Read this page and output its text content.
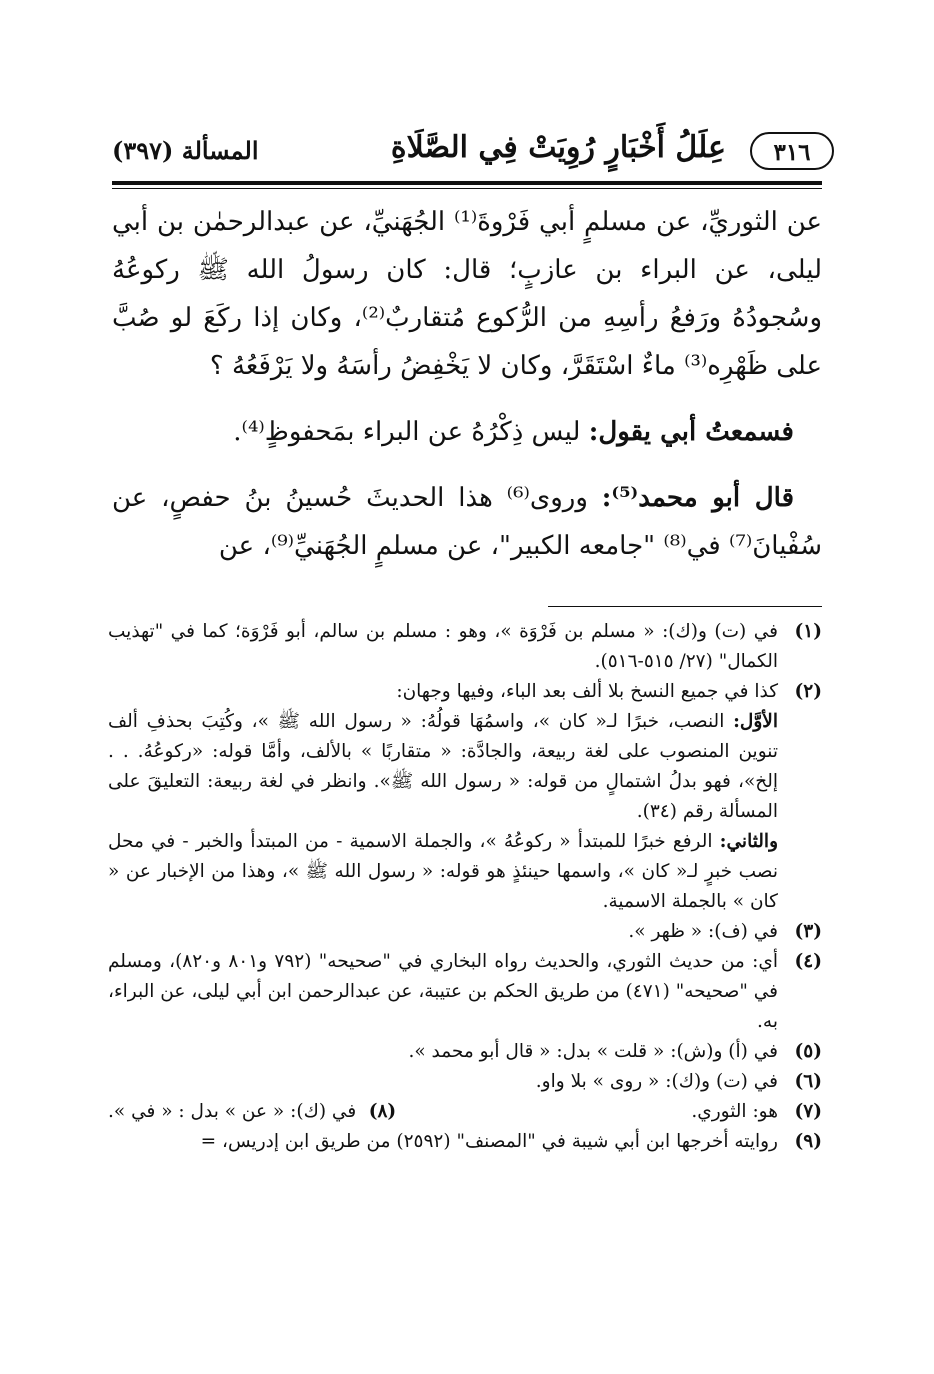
٣١٦
عِلَلُ أَخْبَارٍ رُوِيَتْ فِي الصَّلَاةِ
المسألة (٣٩٧)

عن الثوريِّ، عن مسلمٍ أبي فَرْوةَ⁽¹⁾ الجُهَنيِّ، عن عبدالرحمٰن بن أبي ليلى، عن البراء بن عازبٍ؛ قال: كان رسولُ الله ﷺ ركوعُهُ وسُجودُهُ ورَفعُ رأسِهِ من الرُّكوع مُتقاربٌ⁽²⁾، وكان إذا ركَعَ لو صُبَّ على ظَهْرِه⁽³⁾ ماءٌ اسْتَقَرَّ، وكان لا يَخْفِضُ رأسَهُ ولا يَرْفَعُهُ ؟

فسمعتُ أبي يقول: ليس ذِكْرُهُ عن البراء بمَحفوظٍ⁽⁴⁾.

قال أبو محمد⁽⁵⁾: وروى⁽⁶⁾ هذا الحديثَ حُسينُ بنُ حفصٍ، عن سُفْيانَ⁽⁷⁾ في⁽⁸⁾ "جامعه الكبير"، عن مسلمٍ الجُهَنيِّ⁽⁹⁾، عن

(١)

في (ت) و(ك): « مسلم بن فَرْوَة »، وهو : مسلم بن سالم، أبو فَرْوَة؛ كما في "تهذيب الكمال" (٢٧/ ٥١٥-٥١٦).

(٢)

كذا في جميع النسخ بلا ألف بعد الباء، وفيها وجهان:

الأوَّل: النصب، خبرًا لـ« كان »، واسمُهَا قولُهُ: « رسول الله ﷺ »، وكُتِبَ بحذفِ ألف تنوين المنصوب على لغة ربيعة، والجادَّة: « متقاربًا » بالألف، وأمَّا قوله: «ركوعُهُ. . . إلخ»، فهو بدلُ اشتمالٍ من قوله: « رسول الله ﷺ». وانظر في لغة ربيعة: التعليقَ على المسألة رقم (٣٤).

والثاني: الرفع خبرًا للمبتدأ « ركوعُهُ »، والجملة الاسمية - من المبتدأ والخبر - في محل نصب خبرٍ لـ« كان »، واسمها حينئذٍ هو قوله: « رسول الله ﷺ »، وهذا من الإخبار عن « كان » بالجملة الاسمية.

(٣)

في (ف): « ظهر ».

(٤)

أي: من حديث الثوري، والحديث رواه البخاري في "صحيحه" (٧٩٢ و٨٠١ و٨٢٠)، ومسلم في "صحيحه" (٤٧١) من طريق الحكم بن عتيبة، عن عبدالرحمن ابن أبي ليلى، عن البراء، به.

(٥)

في (أ) و(ش): « قلت » بدل: « قال أبو محمد ».

(٦)

في (ت) و(ك): « روى » بلا واو.

(٧)
هو: الثوري.
(٨)
في (ك): « عن » بدل : « في ».
(٩)

روايته أخرجها ابن أبي شيبة في "المصنف" (٢٥٩٢) من طريق ابن إدريس، =
